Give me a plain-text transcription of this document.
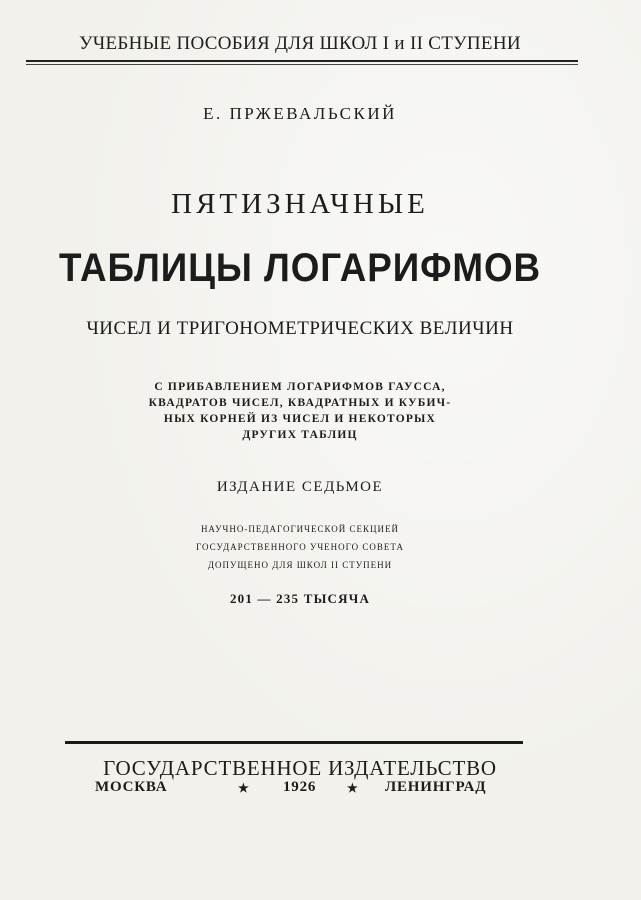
УЧЕБНЫЕ ПОСОБИЯ ДЛЯ ШКОЛ I и II СТУПЕНИ
Е. ПРЖЕВАЛЬСКИЙ
ПЯТИЗНАЧНЫЕ
ТАБЛИЦЫ ЛОГАРИФМОВ
ЧИСЕЛ И ТРИГОНОМЕТРИЧЕСКИХ ВЕЛИЧИН
С ПРИБАВЛЕНИЕМ ЛОГАРИФМОВ ГАУССА,
КВАДРАТОВ ЧИСЕЛ, КВАДРАТНЫХ И КУБИЧ-
НЫХ КОРНЕЙ ИЗ ЧИСЕЛ И НЕКОТОРЫХ
ДРУГИХ ТАБЛИЦ
ИЗДАНИЕ СЕДЬМОЕ
НАУЧНО-ПЕДАГОГИЧЕСКОЙ СЕКЦИЕЙ
ГОСУДАРСТВЕННОГО УЧЕНОГО СОВЕТА
ДОПУЩЕНО ДЛЯ ШКОЛ II СТУПЕНИ
201 — 235 ТЫСЯЧА
ГОСУДАРСТВЕННОЕ ИЗДАТЕЛЬСТВО
МОСКВА	★ 1926	★ ЛЕНИНГРАД
